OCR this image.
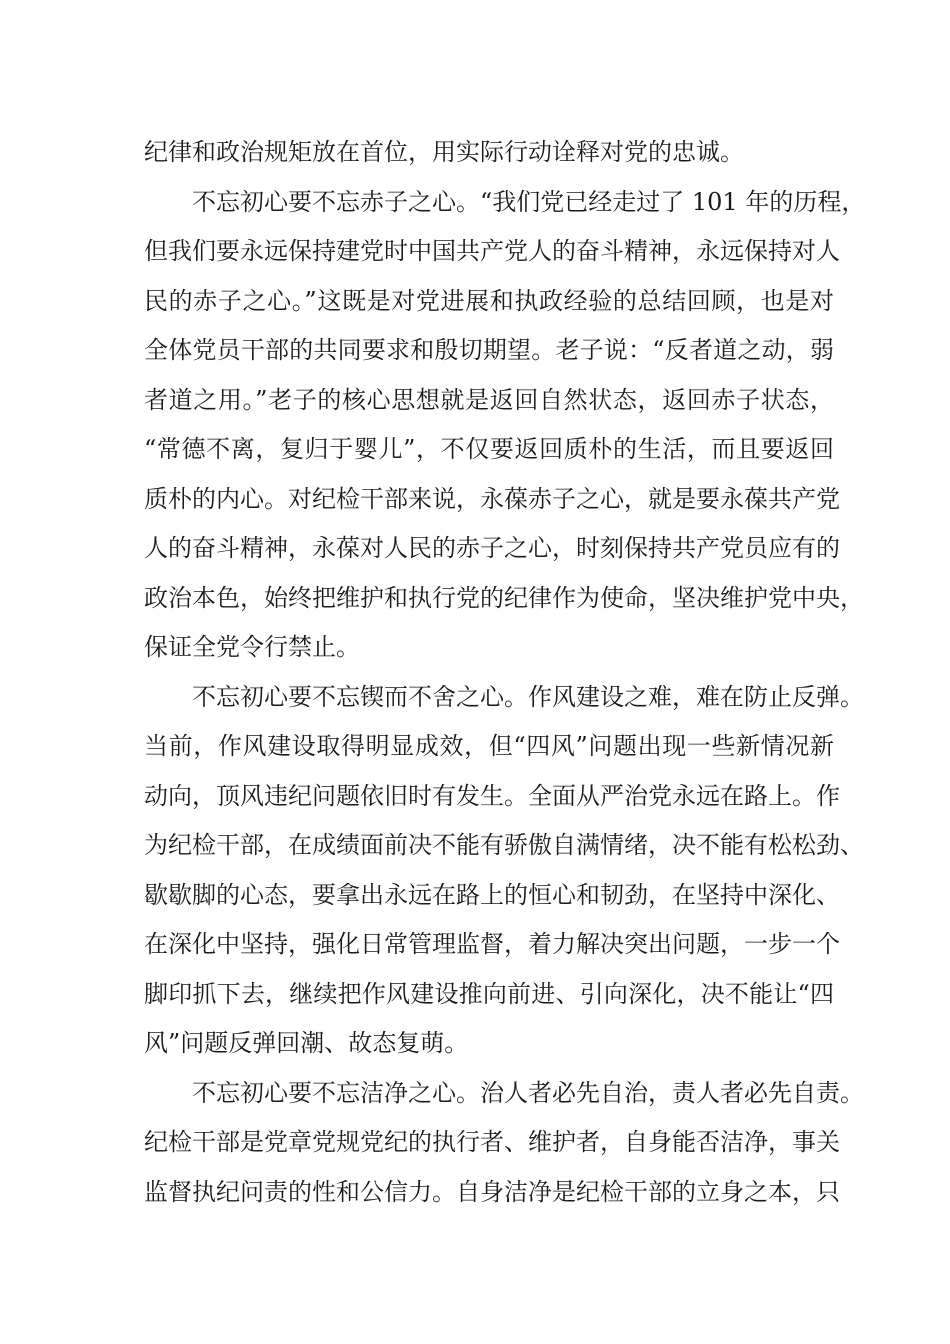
纪律和政治规矩放在首位，用实际行动诠释对党的忠诚。
不忘初心要不忘赤子之心。“我们党已经走过了 101 年的历程，
但我们要永远保持建党时中国共产党人的奋斗精神，永远保持对人
民的赤子之心。”这既是对党进展和执政经验的总结回顾，也是对
全体党员干部的共同要求和殷切期望。老子说：“反者道之动，弱
者道之用。”老子的核心思想就是返回自然状态，返回赤子状态，
“常德不离，复归于婴儿”，不仅要返回质朴的生活，而且要返回
质朴的内心。对纪检干部来说，永葆赤子之心，就是要永葆共产党
人的奋斗精神，永葆对人民的赤子之心，时刻保持共产党员应有的
政治本色，始终把维护和执行党的纪律作为使命，坚决维护党中央，
保证全党令行禁止。
不忘初心要不忘锲而不舍之心。作风建设之难，难在防止反弹。
当前，作风建设取得明显成效，但“四风”问题出现一些新情况新
动向，顶风违纪问题依旧时有发生。全面从严治党永远在路上。作
为纪检干部，在成绩面前决不能有骄傲自满情绪，决不能有松松劲、
歇歇脚的心态，要拿出永远在路上的恒心和韧劲，在坚持中深化、
在深化中坚持，强化日常管理监督，着力解决突出问题，一步一个
脚印抓下去，继续把作风建设推向前进、引向深化，决不能让“四
风”问题反弹回潮、故态复萌。
不忘初心要不忘洁净之心。治人者必先自治，责人者必先自责。
纪检干部是党章党规党纪的执行者、维护者，自身能否洁净，事关
监督执纪问责的性和公信力。自身洁净是纪检干部的立身之本，只
